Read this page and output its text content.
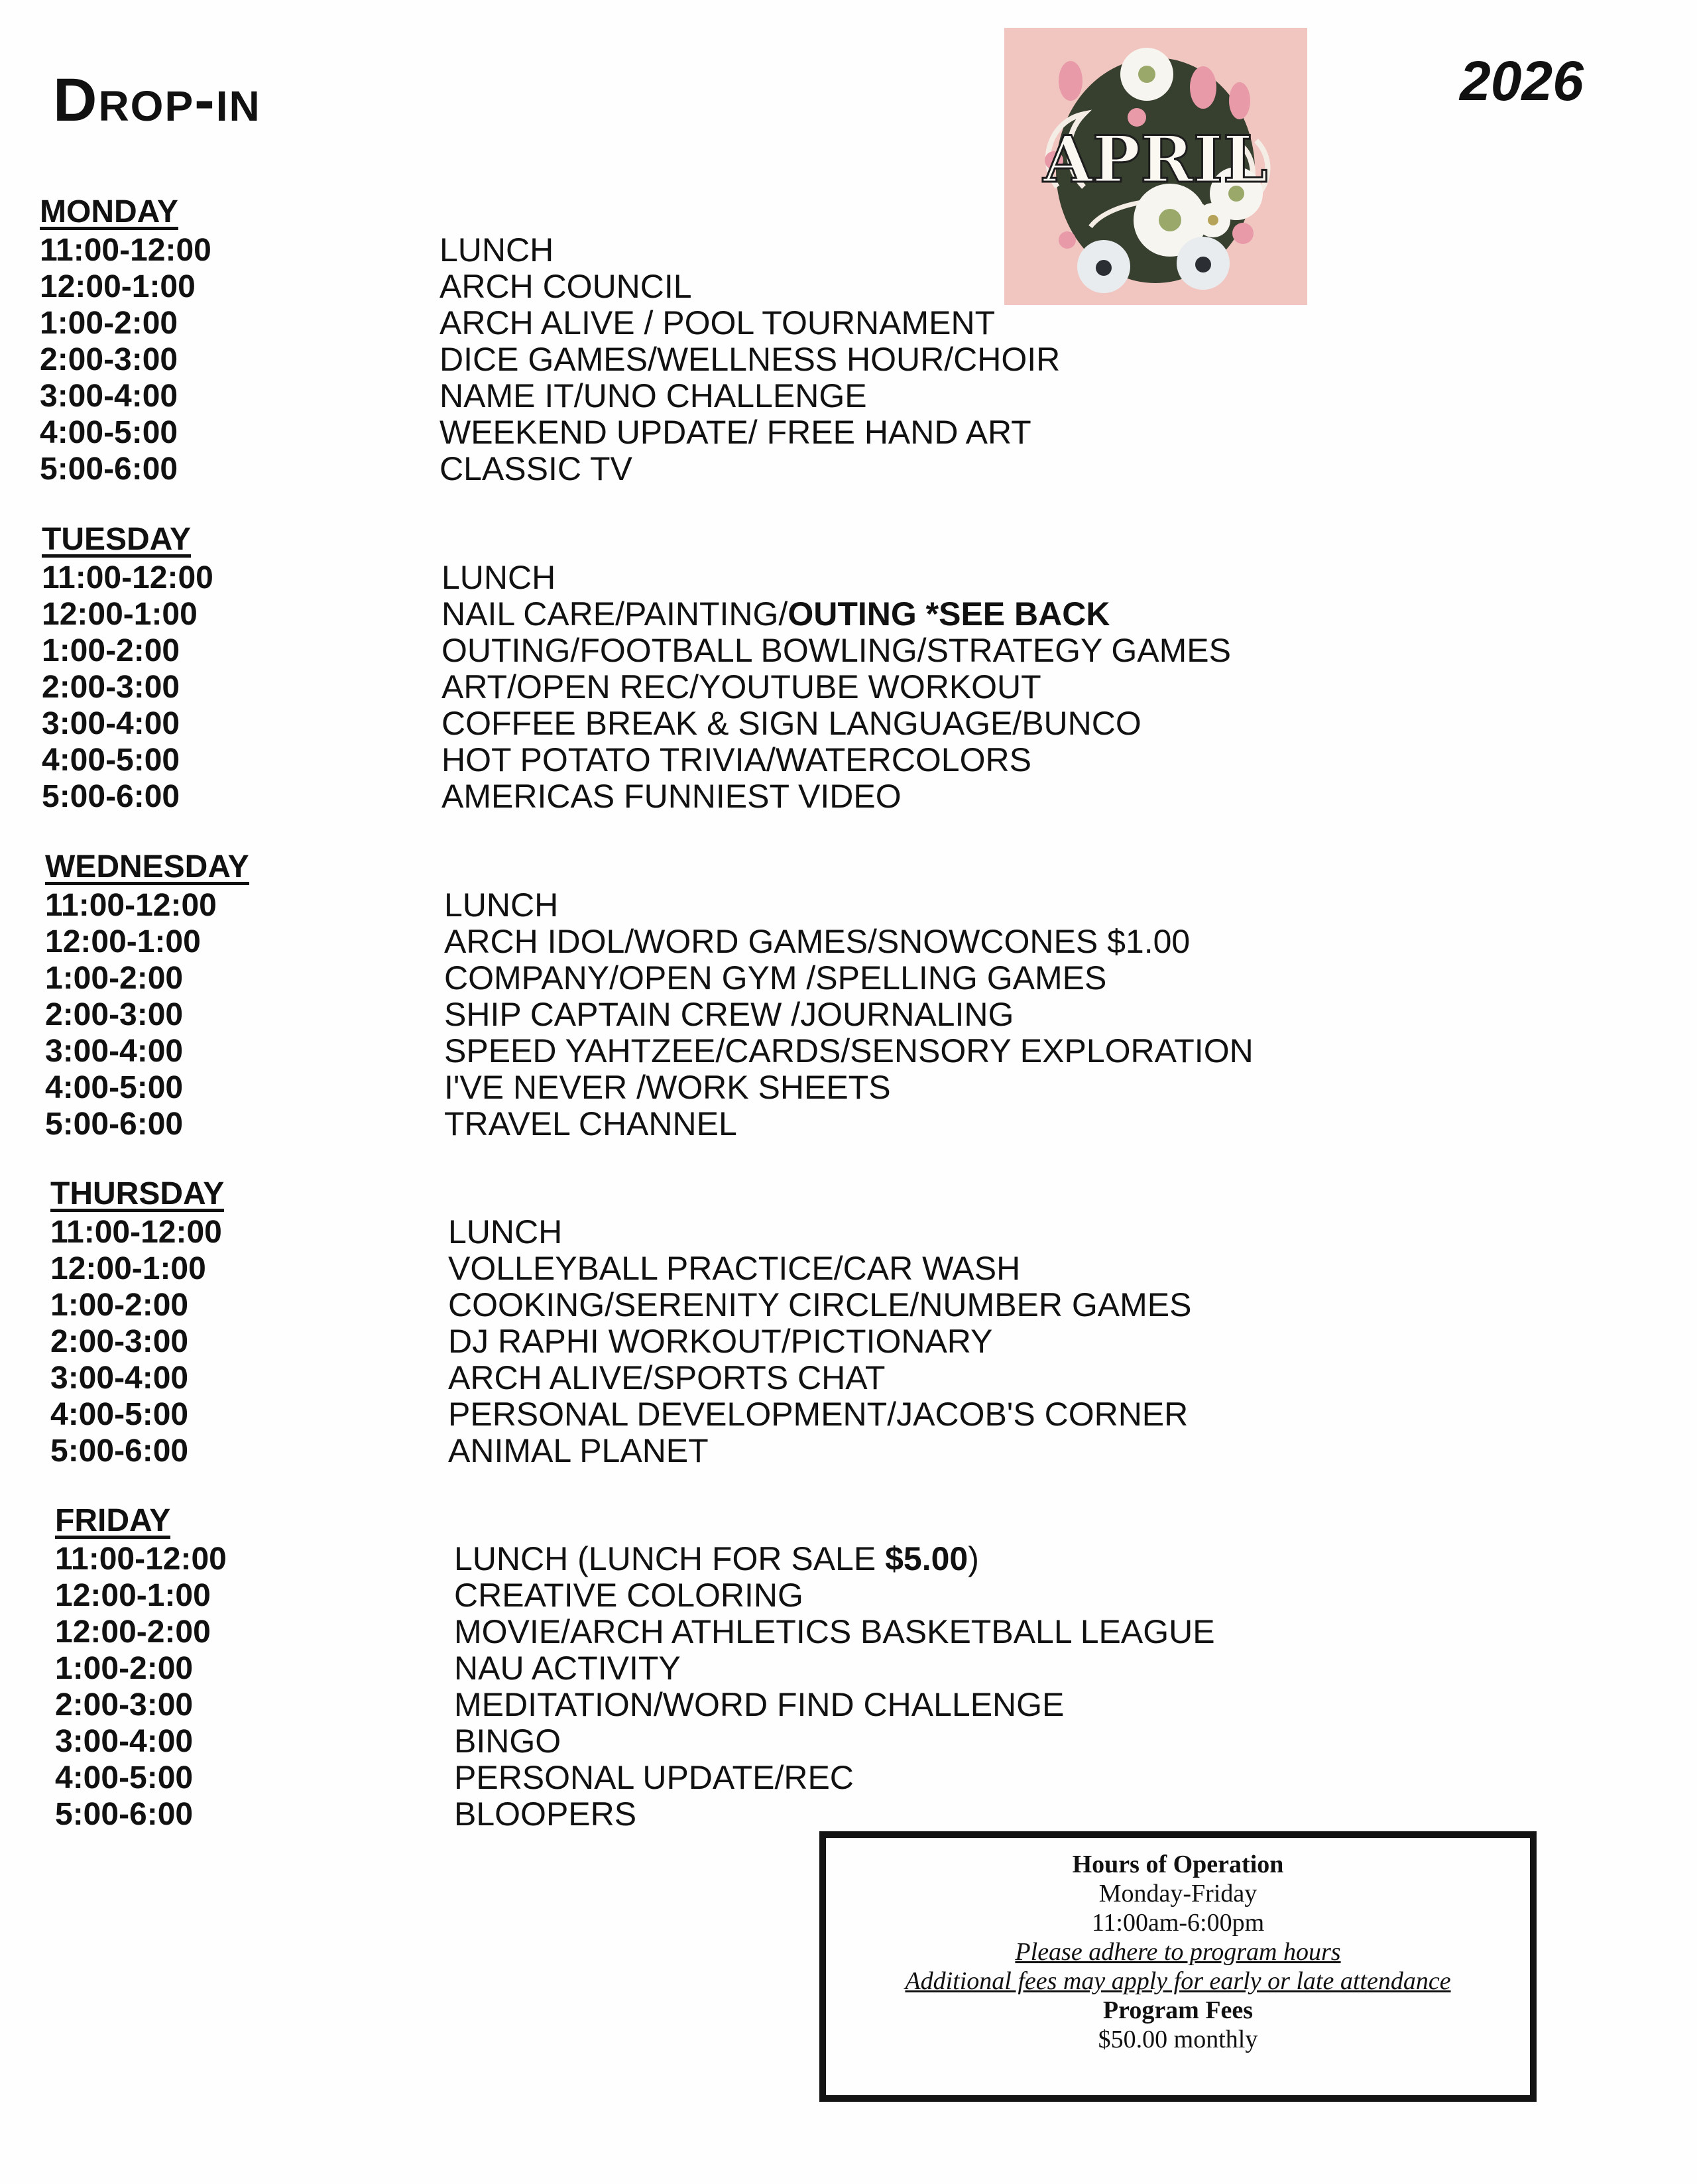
Drop-in	2026
APRIL
MONDAY
11:00-12:00	LUNCH
12:00-1:00	ARCH COUNCIL
1:00-2:00	ARCH ALIVE / POOL TOURNAMENT
2:00-3:00	DICE GAMES/WELLNESS HOUR/CHOIR
3:00-4:00	NAME IT/UNO CHALLENGE
4:00-5:00	WEEKEND UPDATE/ FREE HAND ART
5:00-6:00	CLASSIC TV
TUESDAY
11:00-12:00	LUNCH
12:00-1:00	NAIL CARE/PAINTING/OUTING *SEE BACK
1:00-2:00	OUTING/FOOTBALL BOWLING/STRATEGY GAMES
2:00-3:00	ART/OPEN REC/YOUTUBE WORKOUT
3:00-4:00	COFFEE BREAK & SIGN LANGUAGE/BUNCO
4:00-5:00	HOT POTATO TRIVIA/WATERCOLORS
5:00-6:00	AMERICAS FUNNIEST VIDEO
WEDNESDAY
11:00-12:00	LUNCH
12:00-1:00	ARCH IDOL/WORD GAMES/SNOWCONES $1.00
1:00-2:00	COMPANY/OPEN GYM /SPELLING GAMES
2:00-3:00	SHIP CAPTAIN CREW /JOURNALING
3:00-4:00	SPEED YAHTZEE/CARDS/SENSORY EXPLORATION
4:00-5:00	I'VE NEVER /WORK SHEETS
5:00-6:00	TRAVEL CHANNEL
THURSDAY
11:00-12:00	LUNCH
12:00-1:00	VOLLEYBALL PRACTICE/CAR WASH
1:00-2:00	COOKING/SERENITY CIRCLE/NUMBER GAMES
2:00-3:00	DJ RAPHI WORKOUT/PICTIONARY
3:00-4:00	ARCH ALIVE/SPORTS CHAT
4:00-5:00	PERSONAL DEVELOPMENT/JACOB'S CORNER
5:00-6:00	ANIMAL PLANET
FRIDAY
11:00-12:00	LUNCH (LUNCH FOR SALE $5.00)
12:00-1:00	CREATIVE COLORING
12:00-2:00	MOVIE/ARCH ATHLETICS BASKETBALL LEAGUE
1:00-2:00	NAU ACTIVITY
2:00-3:00	MEDITATION/WORD FIND CHALLENGE
3:00-4:00	BINGO
4:00-5:00	PERSONAL UPDATE/REC
5:00-6:00	BLOOPERS
Hours of Operation
Monday-Friday
11:00am-6:00pm
Please adhere to program hours
Additional fees may apply for early or late attendance
Program Fees
$50.00 monthly
